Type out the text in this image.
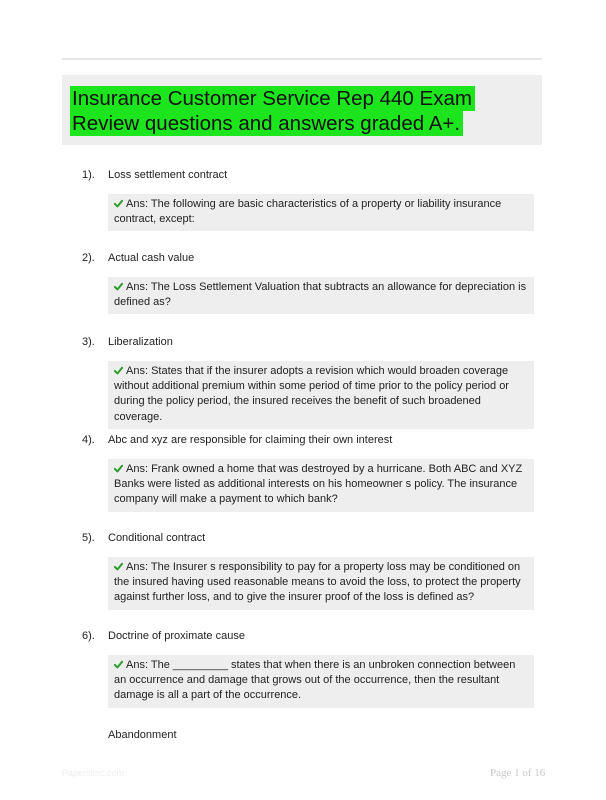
Insurance Customer Service Rep 440 Exam
Review questions and answers graded A+.
1). Loss settlement contract
Ans: The following are basic characteristics of a property or liability insurance contract, except:
2). Actual cash value
Ans: The Loss Settlement Valuation that subtracts an allowance for depreciation is defined as?
3). Liberalization
Ans: States that if the insurer adopts a revision which would broaden coverage without additional premium within some period of time prior to the policy period or during the policy period, the insured receives the benefit of such broadened coverage.
4). Abc and xyz are responsible for claiming their own interest
Ans: Frank owned a home that was destroyed by a hurricane. Both ABC and XYZ Banks were listed as additional interests on his homeowner s policy. The insurance company will make a payment to which bank?
5). Conditional contract
Ans: The Insurer s responsibility to pay for a property loss may be conditioned on the insured having used reasonable means to avoid the loss, to protect the property against further loss, and to give the insurer proof of the loss is defined as?
6). Doctrine of proximate cause
Ans: The _________ states that when there is an unbroken connection between an occurrence and damage that grows out of the occurrence, then the resultant damage is all a part of the occurrence.
Abandonment
Paperstinc.com	Page 1 of 16
